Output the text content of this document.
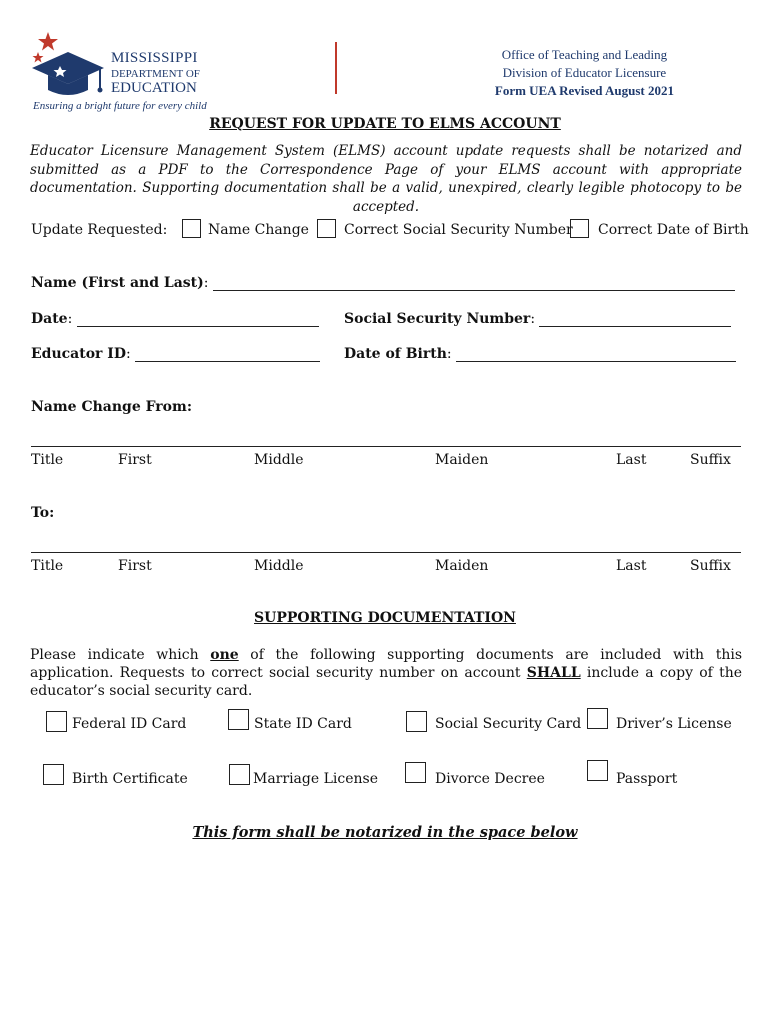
MISSISSIPPI
DEPARTMENT OF
EDUCATION
Ensuring a bright future for every child
Office of Teaching and Leading
Division of Educator Licensure
Form UEA Revised August 2021
REQUEST FOR UPDATE TO ELMS ACCOUNT
Educator Licensure Management System (ELMS) account update requests shall be notarized and submitted as a PDF to the Correspondence Page of your ELMS account with appropriate documentation. Supporting documentation shall be a valid, unexpired, clearly legible photocopy to be accepted.
Update Requested:	Name Change	Correct Social Security Number Correct Date of Birth
Name (First and Last):
Date:	Social Security Number:
Educator ID:	Date of Birth:
Name Change From:
Title	First	Middle	Maiden	Last	Suffix
To:
Title	First	Middle	Maiden	Last	Suffix
SUPPORTING DOCUMENTATION
Please indicate which one of the following supporting documents are included with this application. Requests to correct social security number on account SHALL include a copy of the educator’s social security card.
Federal ID Card	State ID Card	Social Security Card Driver’s License
Birth Certificate	Marriage License	Divorce Decree	Passport
This form shall be notarized in the space below
